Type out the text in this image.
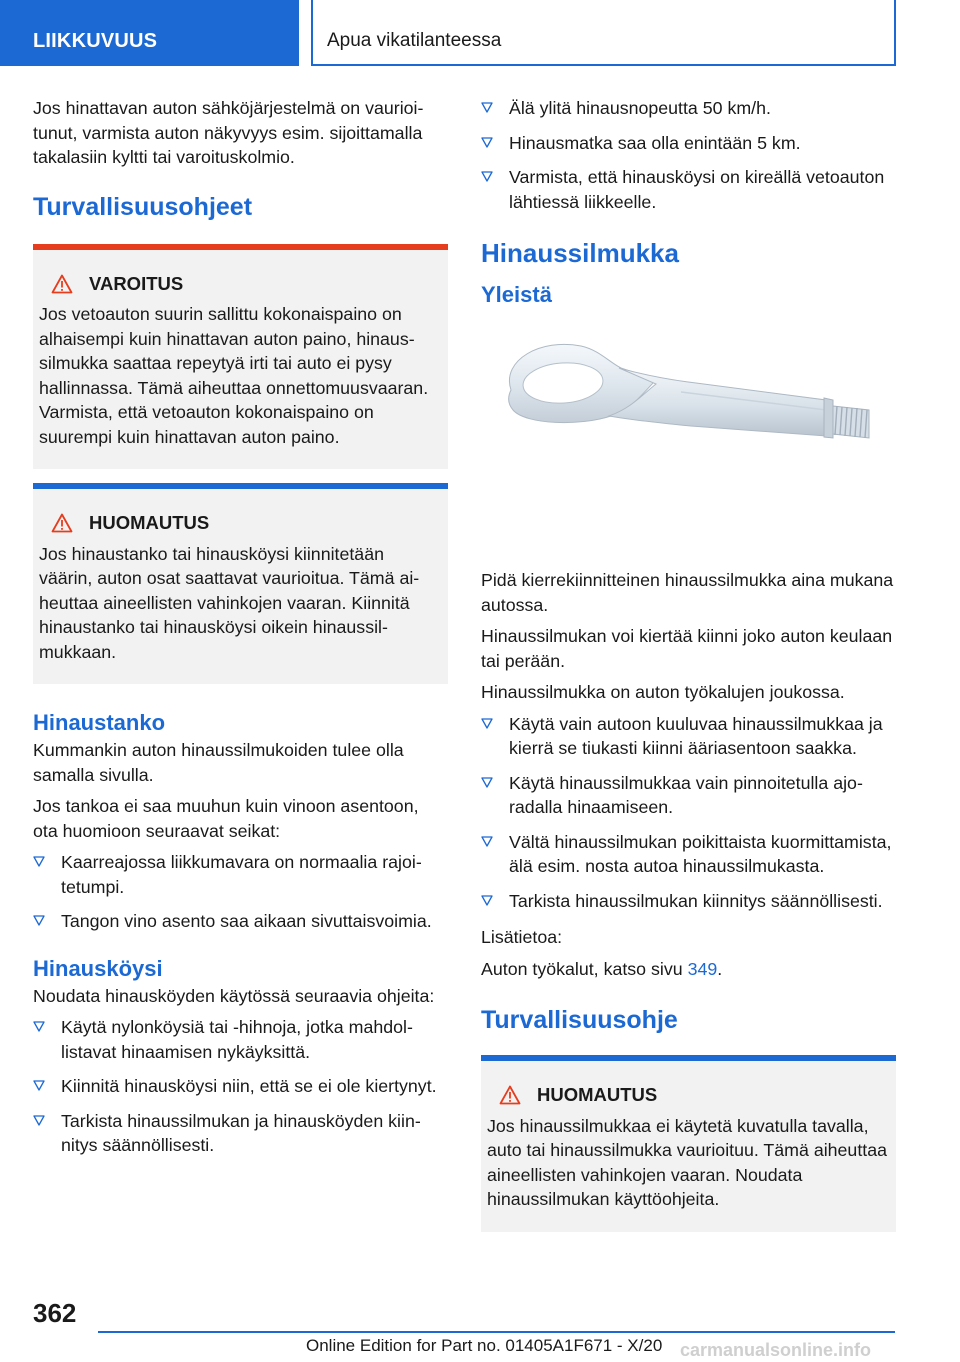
LIIKKUVUUS	Apua vikatilanteessa

Jos hinattavan auton sähköjärjestelmä on vaurioitunut, varmista auton näkyvyys esim. sijoittamalla takalasiin kyltti tai varoituskolmio.

Turvallisuusohjeet
VAROITUS
Jos vetoauton suurin sallittu kokonaispaino on alhaisempi kuin hinattavan auton paino, hinaussilmukka saattaa repeytyä irti tai auto ei pysy hallinnassa. Tämä aiheuttaa onnettomuusvaaran. Varmista, että vetoauton kokonaispaino on suurempi kuin hinattavan auton paino.
HUOMAUTUS
Jos hinaustanko tai hinausköysi kiinnitetään väärin, auton osat saattavat vaurioitua. Tämä aiheuttaa aineellisten vahinkojen vaaran. Kiinnitä hinaustanko tai hinausköysi oikein hinaussilmukkaan.
Hinaustanko

Kummankin auton hinaussilmukoiden tulee olla samalla sivulla.

Jos tankoa ei saa muuhun kuin vinoon asentoon, ota huomioon seuraavat seikat:

Kaarreajossa liikkumavara on normaalia rajoitetumpi.
Tangon vino asento saa aikaan sivuttaisvoimia.
Hinausköysi

Noudata hinausköyden käytössä seuraavia ohjeita:

Käytä nylonköysiä tai -hihnoja, jotka mahdollistavat hinaamisen nykäyksittä.
Kiinnitä hinausköysi niin, että se ei ole kiertynyt.
Tarkista hinaussilmukan ja hinausköyden kiinnitys säännöllisesti.
Älä ylitä hinausnopeutta 50 km/h.
Hinausmatka saa olla enintään 5 km.
Varmista, että hinausköysi on kireällä vetoauton lähtiessä liikkeelle.
Hinaussilmukka
Yleistä

Pidä kierrekiinnitteinen hinaussilmukka aina mukana autossa.

Hinaussilmukan voi kiertää kiinni joko auton keulaan tai perään.

Hinaussilmukka on auton työkalujen joukossa.

Käytä vain autoon kuuluvaa hinaussilmukkaa ja kierrä se tiukasti kiinni ääriasentoon saakka.
Käytä hinaussilmukkaa vain pinnoitetulla ajoradalla hinaamiseen.
Vältä hinaussilmukan poikittaista kuormittamista, älä esim. nosta autoa hinaussilmukasta.
Tarkista hinaussilmukan kiinnitys säännöllisesti.

Lisätietoa:

Auton työkalut, katso sivu 349.

Turvallisuusohje
HUOMAUTUS
Jos hinaussilmukkaa ei käytetä kuvatulla tavalla, auto tai hinaussilmukka vaurioituu. Tämä aiheuttaa aineellisten vahinkojen vaaran. Noudata hinaussilmukan käyttöohjeita.
362
Online Edition for Part no. 01405A1F671 - X/20 carmanualsonline.info
